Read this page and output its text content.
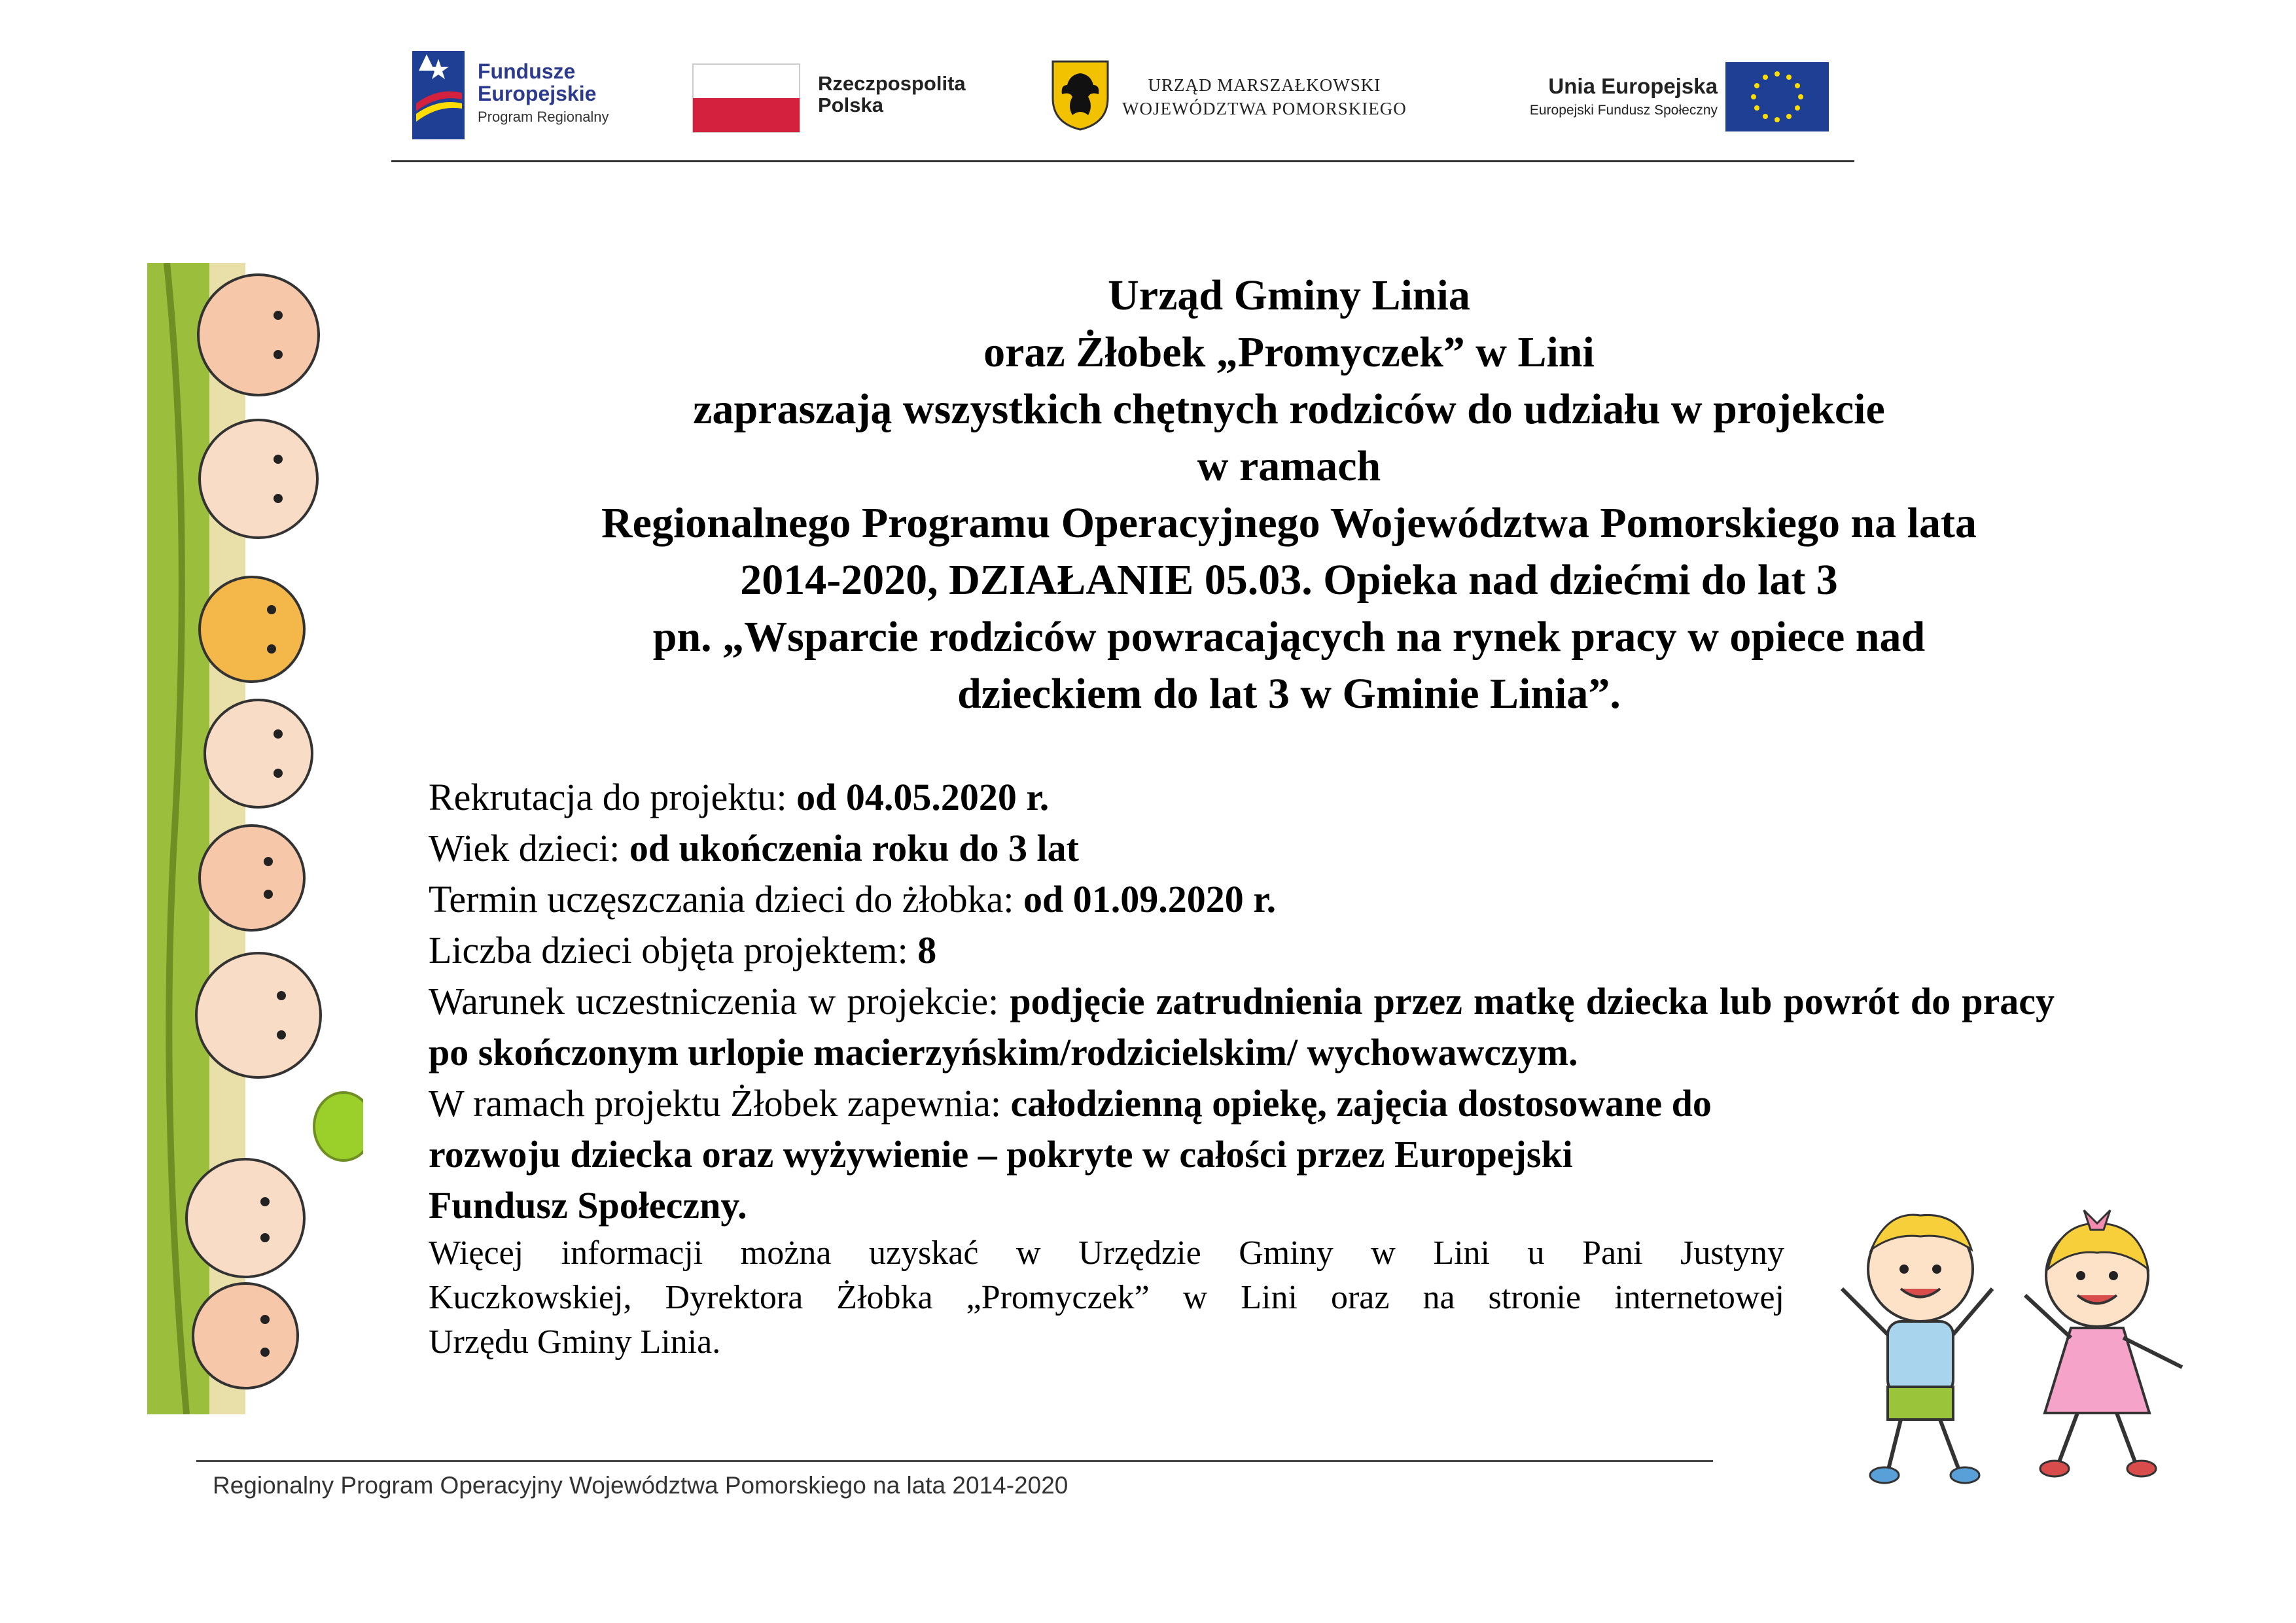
Fundusze
Europejskie
Program Regionalny
Rzeczpospolita
Polska
URZĄD MARSZAŁKOWSKI
WOJEWÓDZTWA POMORSKIEGO
Unia Europejska
Europejski Fundusz Społeczny
Urząd Gminy Linia
oraz Żłobek „Promyczek” w Lini
zapraszają wszystkich chętnych rodziców do udziału w projekcie
w ramach
Regionalnego Programu Operacyjnego Województwa Pomorskiego na lata
2014-2020, DZIAŁANIE 05.03. Opieka nad dziećmi do lat 3
pn. „Wsparcie rodziców powracających na rynek pracy w opiece nad
dzieckiem do lat 3 w Gminie Linia”.
Rekrutacja do projektu: od 04.05.2020 r.
Wiek dzieci: od ukończenia roku do 3 lat
Termin uczęszczania dzieci do żłobka: od 01.09.2020 r.
Liczba dzieci objęta projektem: 8
Warunek uczestniczenia w projekcie: podjęcie zatrudnienia przez matkę dziecka lub powrót do pracy po skończonym urlopie macierzyńskim/rodzicielskim/ wychowawczym.
W ramach projektu Żłobek zapewnia: całodzienną opiekę, zajęcia dostosowane do
rozwoju dziecka oraz wyżywienie – pokryte w całości przez Europejski
Fundusz Społeczny.
Więcej informacji można uzyskać w Urzędzie Gminy w Lini u Pani Justyny
Kuczkowskiej, Dyrektora Żłobka „Promyczek” w Lini oraz na stronie internetowej
Urzędu Gminy Linia.
Regionalny Program Operacyjny Województwa Pomorskiego na lata 2014-2020
